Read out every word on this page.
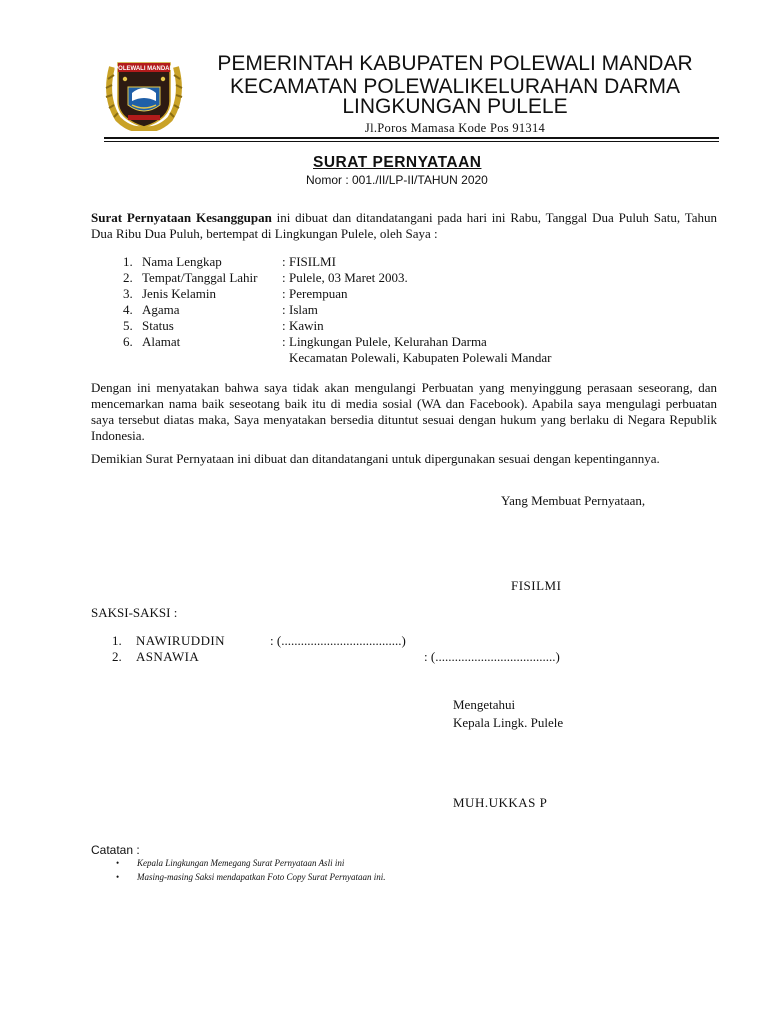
POLEWALI MANDAR	PEMERINTAH KABUPATEN POLEWALI MANDAR
KECAMATAN POLEWALIKELURAHAN DARMA
LINGKUNGAN PULELE
Jl.Poros Mamasa Kode Pos 91314
SURAT PERNYATAAN
Nomor : 001./II/LP-II/TAHUN 2020
Surat Pernyataan Kesanggupan ini dibuat dan ditandatangani pada hari ini Rabu, Tanggal Dua Puluh Satu, Tahun Dua Ribu Dua Puluh, bertempat di Lingkungan Pulele, oleh Saya :
1. Nama Lengkap	: FISILMI
2. Tempat/Tanggal Lahir : Pulele, 03 Maret 2003.
3. Jenis Kelamin	: Perempuan
4. Agama	: Islam
5. Status	: Kawin
6. Alamat	: Lingkungan Pulele, Kelurahan Darma
Kecamatan Polewali, Kabupaten Polewali Mandar
Dengan ini menyatakan bahwa saya tidak akan mengulangi Perbuatan yang menyinggung perasaan seseorang, dan mencemarkan nama baik seseotang baik itu di media sosial (WA dan Facebook). Apabila saya mengulagi perbuatan saya tersebut diatas maka, Saya menyatakan bersedia dituntut sesuai dengan hukum yang berlaku di Negara Republik Indonesia.
Demikian Surat Pernyataan ini dibuat dan ditandatangani untuk dipergunakan sesuai dengan kepentingannya.
Yang Membuat Pernyataan,
FISILMI
SAKSI-SAKSI :
1. NAWIRUDDIN	: (.....................................)
2. ASNAWIA	: (.....................................)
Mengetahui
Kepala Lingk. Pulele
MUH.UKKAS P
Catatan :
• Kepala Lingkungan Memegang Surat Pernyataan Asli ini
• Masing-masing Saksi mendapatkan Foto Copy Surat Pernyataan ini.
